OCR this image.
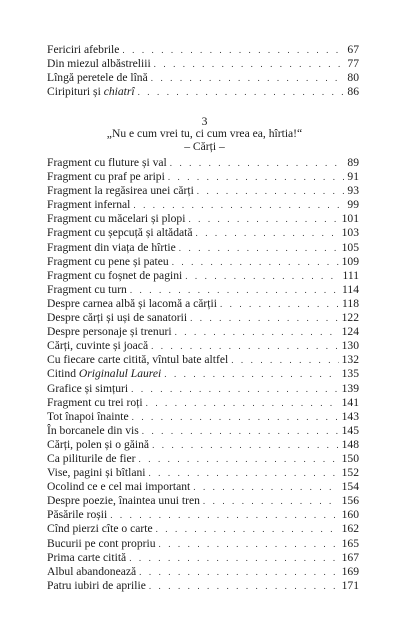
Fericiri afebrile . . .	67
Din miezul albăstreliii . . .	77
Lîngă peretele de lînă . . .	80
Ciripituri și chiatrî . . .	86
3
„Nu e cum vrei tu, ci cum vrea ea, hîrtia!“
– Cărți –
Fragment cu fluture și val . . .	89
Fragment cu praf pe aripi . . .	91
Fragment la regăsirea unei cărți . . .	93
Fragment infernal . . .	99
Fragment cu măcelari și plopi . . .	101
Fragment cu șepcuță și altădată . . .	103
Fragment din viața de hîrtie . . .	105
Fragment cu pene și pateu . . .	109
Fragment cu foșnet de pagini . . .	111
Fragment cu turn . . .	114
Despre carnea albă și lacomă a cărții . . .	118
Despre cărți și uși de sanatorii . . .	122
Despre personaje și trenuri . . .	124
Cărți, cuvinte și joacă . . .	130
Cu fiecare carte citită, vîntul bate altfel . . .	132
Citind Originalul Laurei . . .	135
Grafice și simțuri . . .	139
Fragment cu trei roți . . .	141
Tot înapoi înainte . . .	143
În borcanele din vis . . .	145
Cărți, polen și o găină . . .	148
Ca piliturile de fier . . .	150
Vise, pagini și bîtlani . . .	152
Ocolind ce e cel mai important . . .	154
Despre poezie, înaintea unui tren . . .	156
Păsările roșii . . .	160
Cînd pierzi cîte o carte . . .	162
Bucurii pe cont propriu . . .	165
Prima carte citită . . .	167
Albul abandonează . . .	169
Patru iubiri de aprilie . . .	171
